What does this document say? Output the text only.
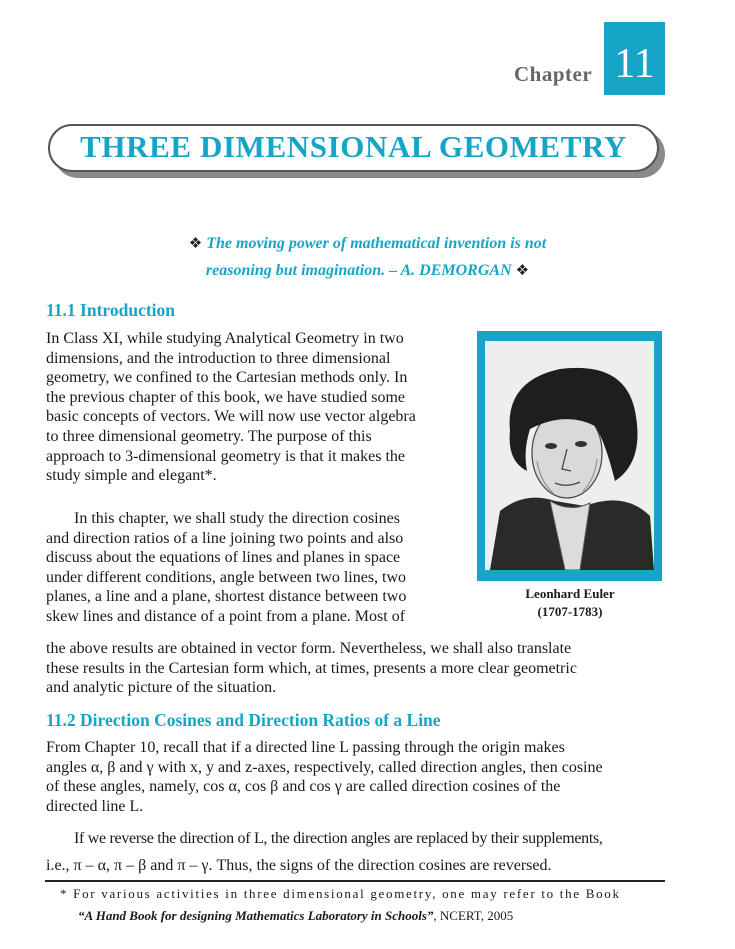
Chapter 11
THREE DIMENSIONAL GEOMETRY
❖ The moving power of mathematical invention is not
reasoning but imagination. – A. DEMORGAN ❖
11.1 Introduction
In Class XI, while studying Analytical Geometry in two
dimensions, and the introduction to three dimensional
geometry, we confined to the Cartesian methods only. In
the previous chapter of this book, we have studied some
basic concepts of vectors. We will now use vector algebra
to three dimensional geometry. The purpose of this
approach to 3-dimensional geometry is that it makes the
study simple and elegant*.
In this chapter, we shall study the direction cosines
and direction ratios of a line joining two points and also
discuss about the equations of lines and planes in space
under different conditions, angle between two lines, two
planes, a line and a plane, shortest distance between two
skew lines and distance of a point from a plane. Most of
the above results are obtained in vector form. Nevertheless, we shall also translate
these results in the Cartesian form which, at times, presents a more clear geometric
and analytic picture of the situation.
Leonhard Euler
(1707-1783)
11.2 Direction Cosines and Direction Ratios of a Line
From Chapter 10, recall that if a directed line L passing through the origin makes
angles α, β and γ with x, y and z-axes, respectively, called direction angles, then cosine
of these angles, namely, cos α, cos β and cos γ are called direction cosines of the
directed line L.
If we reverse the direction of L, the direction angles are replaced by their supplements,
i.e., π – α, π – β and π – γ. Thus, the signs of the direction cosines are reversed.
* For various activities in three dimensional geometry, one may refer to the Book
“A Hand Book for designing Mathematics Laboratory in Schools”, NCERT, 2005
